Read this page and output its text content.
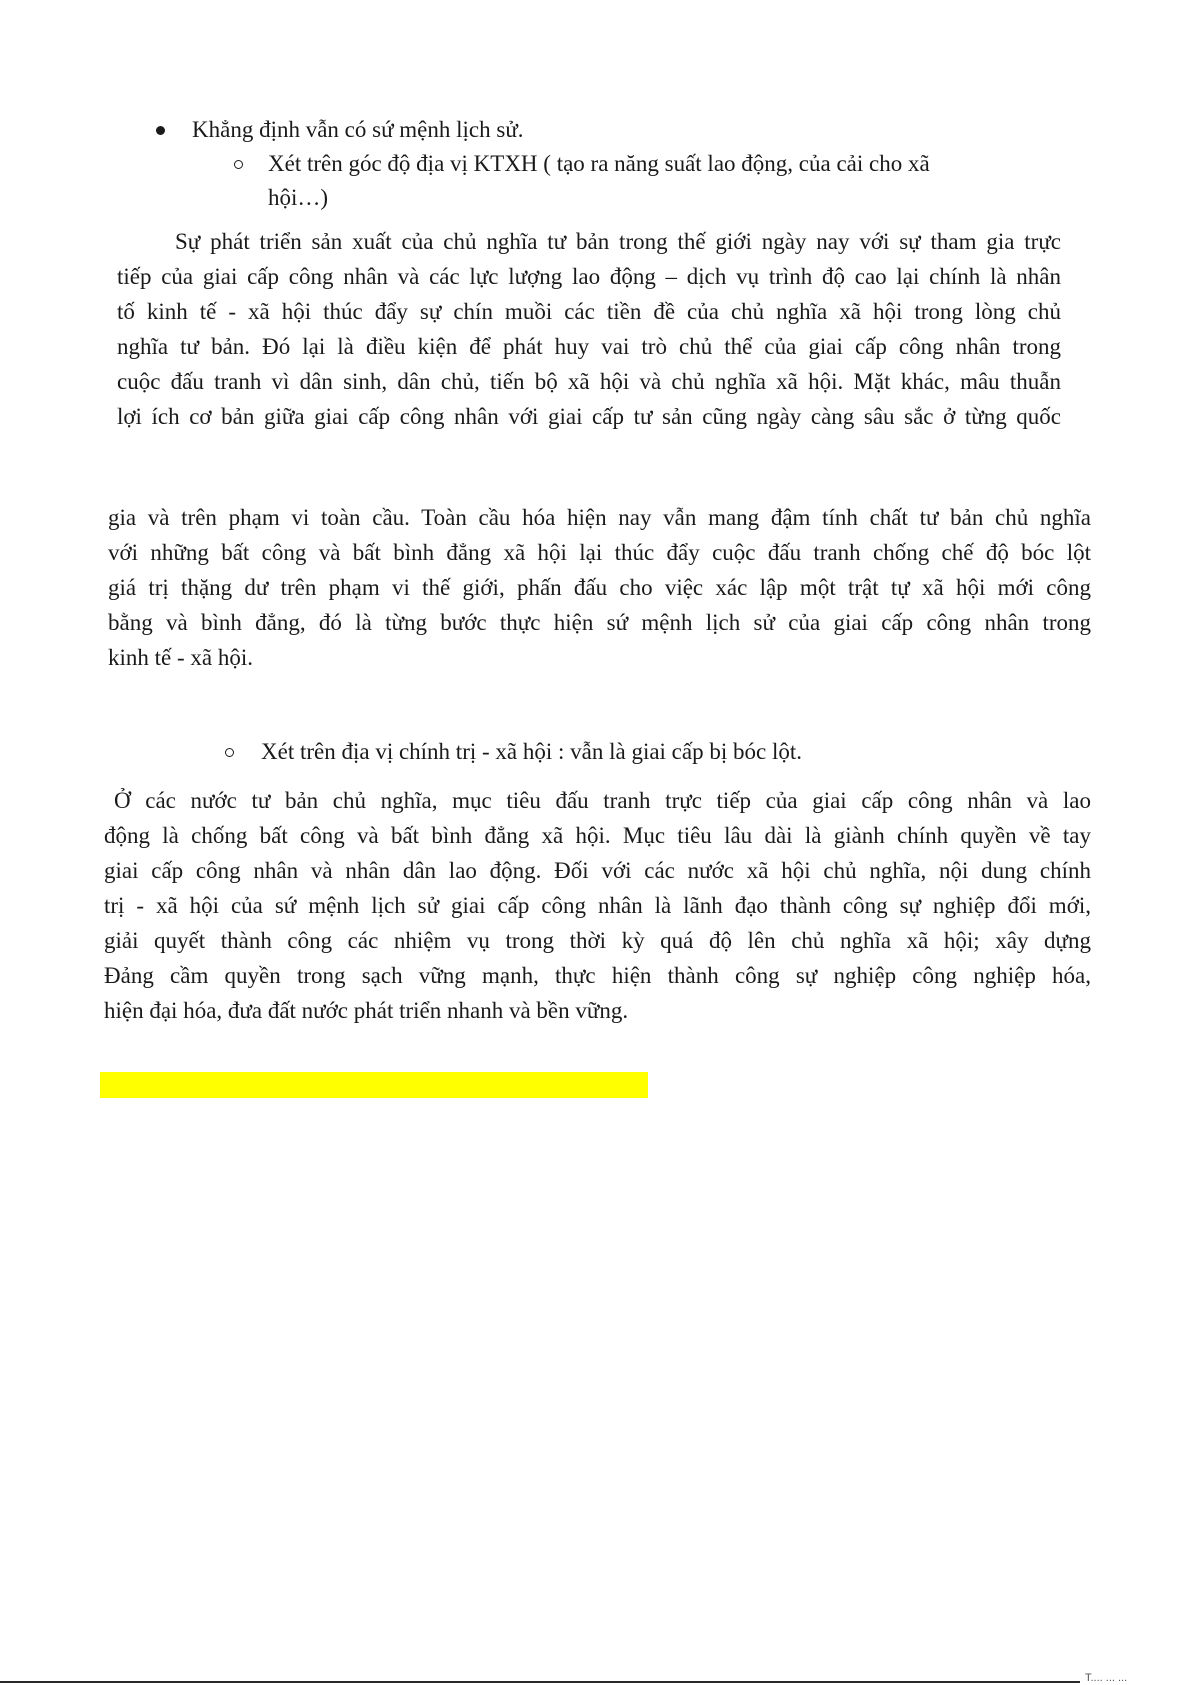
Khẳng định vẫn có sứ mệnh lịch sử.
Xét trên góc độ địa vị KTXH ( tạo ra năng suất lao động, của cải cho xã
hội…)
Sự phát triển sản xuất của chủ nghĩa tư bản trong thế giới ngày nay với sự tham gia trực
tiếp của giai cấp công nhân và các lực lượng lao động – dịch vụ trình độ cao lại chính là nhân
tố kinh tế - xã hội thúc đẩy sự chín muồi các tiền đề của chủ nghĩa xã hội trong lòng chủ
nghĩa tư bản. Đó lại là điều kiện để phát huy vai trò chủ thể của giai cấp công nhân trong
cuộc đấu tranh vì dân sinh, dân chủ, tiến bộ xã hội và chủ nghĩa xã hội. Mặt khác, mâu thuẫn
lợi ích cơ bản giữa giai cấp công nhân với giai cấp tư sản cũng ngày càng sâu sắc ở từng quốc
gia và trên phạm vi toàn cầu. Toàn cầu hóa hiện nay vẫn mang đậm tính chất tư bản chủ nghĩa
với những bất công và bất bình đẳng xã hội lại thúc đẩy cuộc đấu tranh chống chế độ bóc lột
giá trị thặng dư trên phạm vi thế giới, phấn đấu cho việc xác lập một trật tự xã hội mới công
bằng và bình đẳng, đó là từng bước thực hiện sứ mệnh lịch sử của giai cấp công nhân trong
kinh tế - xã hội.
Xét trên địa vị chính trị - xã hội : vẫn là giai cấp bị bóc lột.
Ở các nước tư bản chủ nghĩa, mục tiêu đấu tranh trực tiếp của giai cấp công nhân và lao
động là chống bất công và bất bình đẳng xã hội. Mục tiêu lâu dài là giành chính quyền về tay
giai cấp công nhân và nhân dân lao động. Đối với các nước xã hội chủ nghĩa, nội dung chính
trị - xã hội của sứ mệnh lịch sử giai cấp công nhân là lãnh đạo thành công sự nghiệp đổi mới,
giải quyết thành công các nhiệm vụ trong thời kỳ quá độ lên chủ nghĩa xã hội; xây dựng
Đảng cầm quyền trong sạch vững mạnh, thực hiện thành công sự nghiệp công nghiệp hóa,
hiện đại hóa, đưa đất nước phát triển nhanh và bền vững.
T.... ... ...
